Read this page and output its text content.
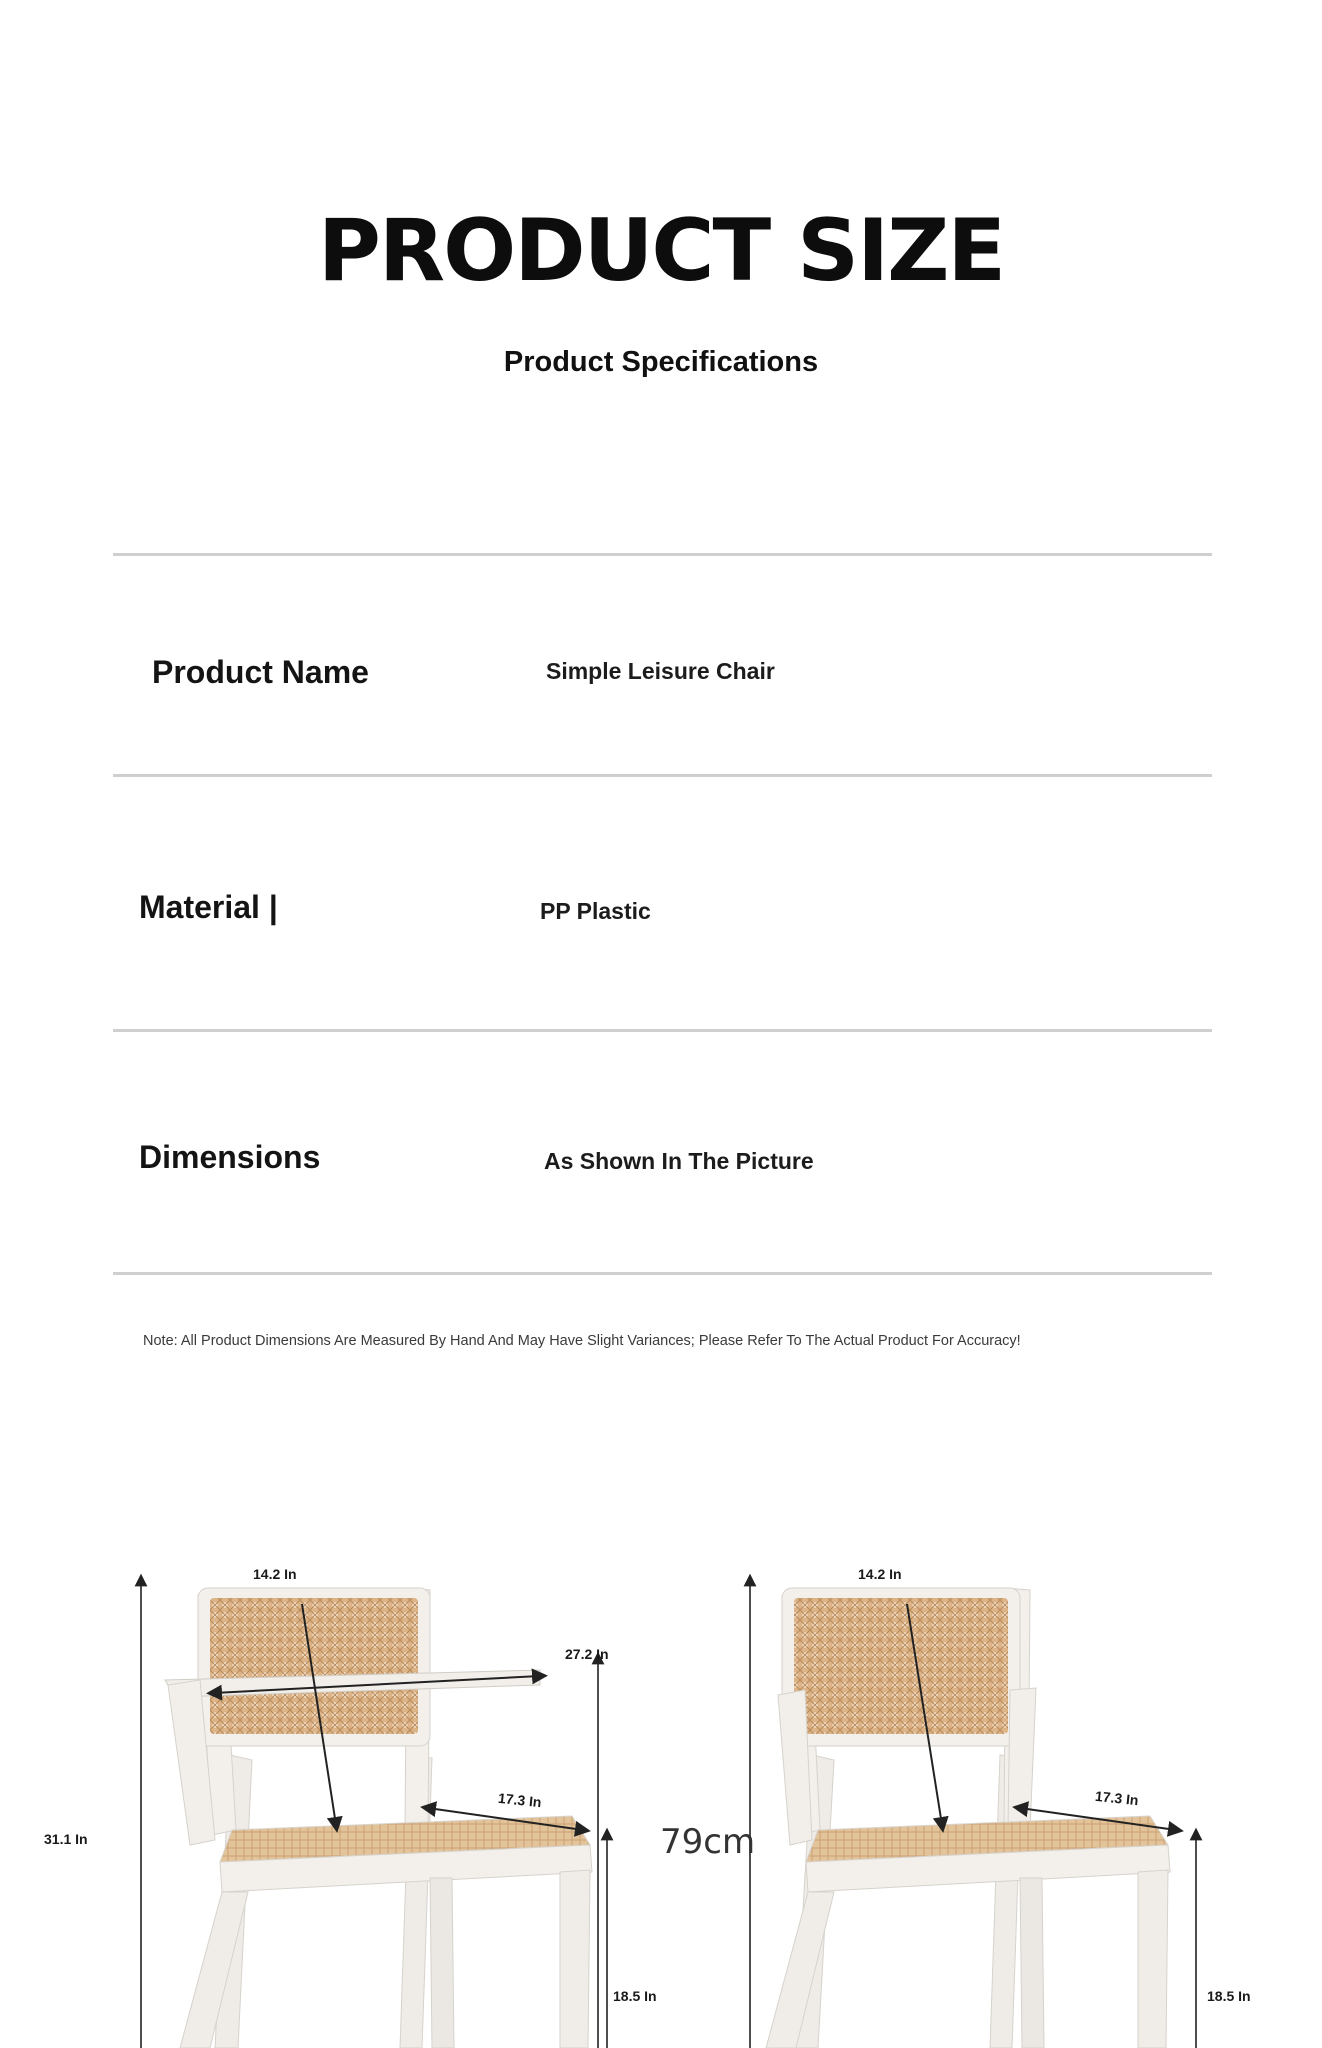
PRODUCT SIZE
Product Specifications
Product Name	Simple Leisure Chair
Material |	PP Plastic
Dimensions	As Shown In The Picture
Note: All Product Dimensions Are Measured By Hand And May Have Slight Variances; Please Refer To The Actual Product For Accuracy!
14.2 In
27.2 In
17.3 In
31.1 In
18.5 In
14.2 In
17.3 In
79cm
18.5 In
